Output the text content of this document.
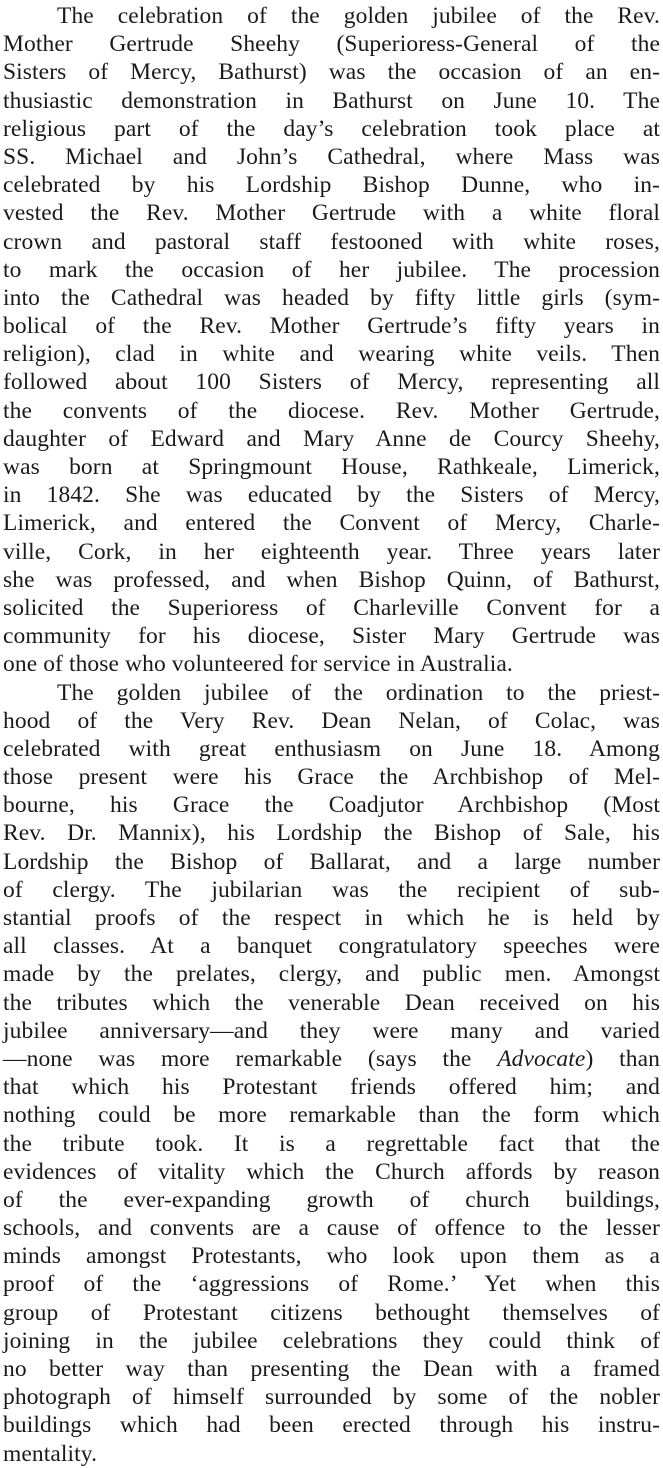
The celebration of the golden jubilee of the Rev.
Mother Gertrude Sheehy (Superioress-General of the
Sisters of Mercy, Bathurst) was the occasion of an en-
thusiastic demonstration in Bathurst on June 10. The
religious part of the day’s celebration took place at
SS. Michael and John’s Cathedral, where Mass was
celebrated by his Lordship Bishop Dunne, who in-
vested the Rev. Mother Gertrude with a white floral
crown and pastoral staff festooned with white roses,
to mark the occasion of her jubilee. The procession
into the Cathedral was headed by fifty little girls (sym-
bolical of the Rev. Mother Gertrude’s fifty years in
religion), clad in white and wearing white veils. Then
followed about 100 Sisters of Mercy, representing all
the convents of the diocese. Rev. Mother Gertrude,
daughter of Edward and Mary Anne de Courcy Sheehy,
was born at Springmount House, Rathkeale, Limerick,
in 1842. She was educated by the Sisters of Mercy,
Limerick, and entered the Convent of Mercy, Charle-
ville, Cork, in her eighteenth year. Three years later
she was professed, and when Bishop Quinn, of Bathurst,
solicited the Superioress of Charleville Convent for a
community for his diocese, Sister Mary Gertrude was
one of those who volunteered for service in Australia.
The golden jubilee of the ordination to the priest-
hood of the Very Rev. Dean Nelan, of Colac, was
celebrated with great enthusiasm on June 18. Among
those present were his Grace the Archbishop of Mel-
bourne, his Grace the Coadjutor Archbishop (Most
Rev. Dr. Mannix), his Lordship the Bishop of Sale, his
Lordship the Bishop of Ballarat, and a large number
of clergy. The jubilarian was the recipient of sub-
stantial proofs of the respect in which he is held by
all classes. At a banquet congratulatory speeches were
made by the prelates, clergy, and public men. Amongst
the tributes which the venerable Dean received on his
jubilee anniversary—and they were many and varied
—none was more remarkable (says the Advocate) than
that which his Protestant friends offered him; and
nothing could be more remarkable than the form which
the tribute took. It is a regrettable fact that the
evidences of vitality which the Church affords by reason
of the ever-expanding growth of church buildings,
schools, and convents are a cause of offence to the lesser
minds amongst Protestants, who look upon them as a
proof of the ‘aggressions of Rome.’ Yet when this
group of Protestant citizens bethought themselves of
joining in the jubilee celebrations they could think of
no better way than presenting the Dean with a framed
photograph of himself surrounded by some of the nobler
buildings which had been erected through his instru-
mentality.
